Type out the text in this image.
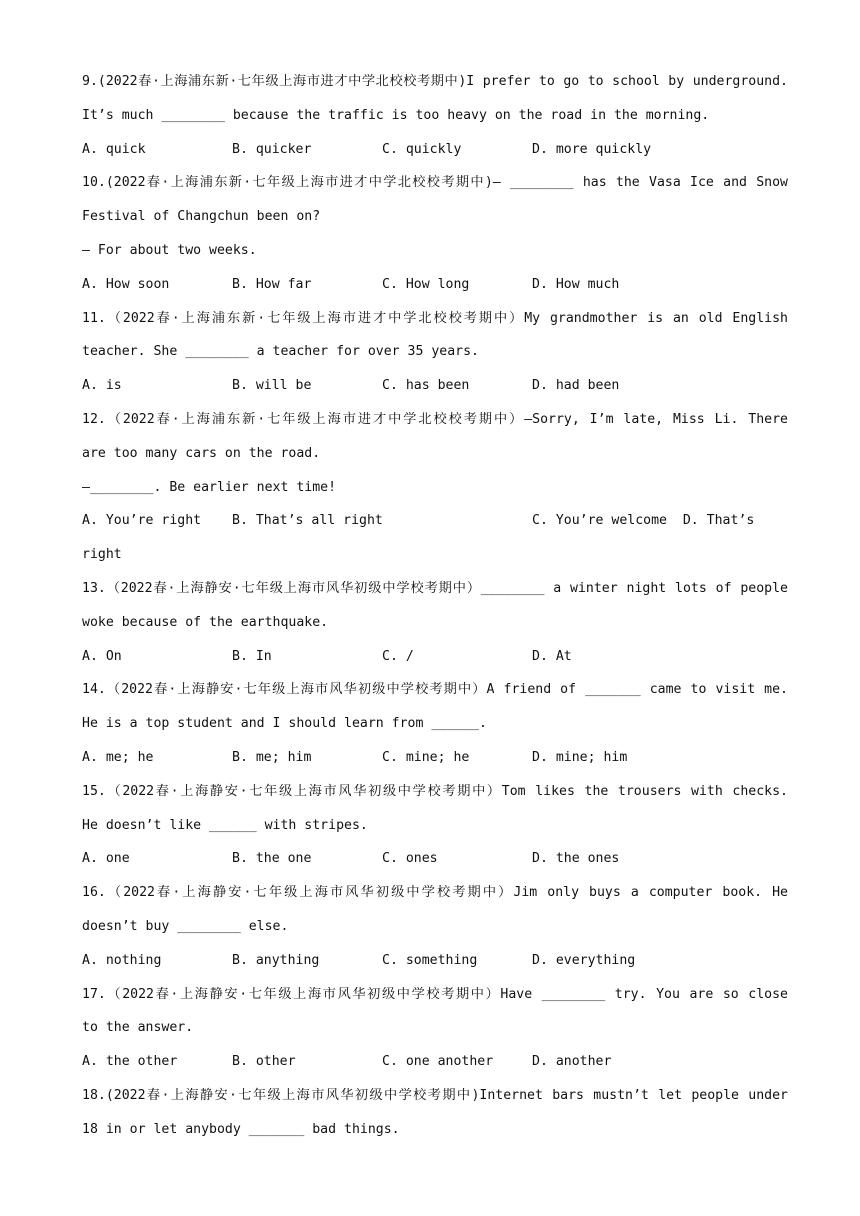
9.(2022春·上海浦东新·七年级上海市进才中学北校校考期中)I prefer to go to school by underground.
It’s much ________ because the traffic is too heavy on the road in the morning.
A. quick	B. quicker	C. quickly	D. more quickly
10.(2022春·上海浦东新·七年级上海市进才中学北校校考期中)— ________ has the Vasa Ice and Snow
Festival of Changchun been on?
— For about two weeks.
A. How soon	B. How far	C. How long	D. How much
11.（2022春·上海浦东新·七年级上海市进才中学北校校考期中）My grandmother is an old English
teacher. She ________ a teacher for over 35 years.
A. is	B. will be	C. has been	D. had been
12.（2022春·上海浦东新·七年级上海市进才中学北校校考期中）—Sorry, I’m late, Miss Li. There
are too many cars on the road.
—________. Be earlier next time!
A. You’re right	B. That’s all right	C. You’re welcome  D. That’s
right
13.（2022春·上海静安·七年级上海市风华初级中学校考期中）________ a winter night lots of people
woke because of the earthquake.
A. On	B. In	C. /	D. At
14.（2022春·上海静安·七年级上海市风华初级中学校考期中）A friend of _______ came to visit me.
He is a top student and I should learn from ______.
A. me; he	B. me; him	C. mine; he	D. mine; him
15.（2022春·上海静安·七年级上海市风华初级中学校考期中）Tom likes the trousers with checks.
He doesn’t like ______ with stripes.
A. one	B. the one	C. ones	D. the ones
16.（2022春·上海静安·七年级上海市风华初级中学校考期中）Jim only buys a computer book. He
doesn’t buy ________ else.
A. nothing	B. anything	C. something	D. everything
17.（2022春·上海静安·七年级上海市风华初级中学校考期中）Have ________ try. You are so close
to the answer.
A. the other	B. other	C. one another	D. another
18.(2022春·上海静安·七年级上海市风华初级中学校考期中)Internet bars mustn’t let people under
18 in or let anybody _______ bad things.
